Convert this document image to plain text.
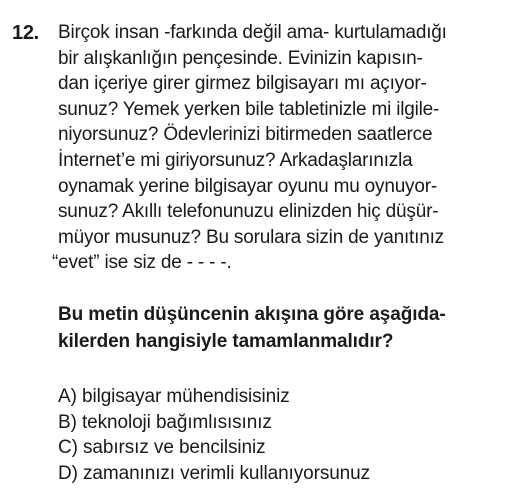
12. Birçok insan -farkında değil ama- kurtulamadığı
bir alışkanlığın pençesinde. Evinizin kapısın-
dan içeriye girer girmez bilgisayarı mı açıyor-
sunuz? Yemek yerken bile tabletinizle mi ilgile-
niyorsunuz? Ödevlerinizi bitirmeden saatlerce
İnternet’e mi giriyorsunuz? Arkadaşlarınızla
oynamak yerine bilgisayar oyunu mu oynuyor-
sunuz? Akıllı telefonunuzu elinizden hiç düşür-
müyor musunuz? Bu sorulara sizin de yanıtınız
“evet” ise siz de - - - -.
Bu metin düşüncenin akışına göre aşağıda-
kilerden hangisiyle tamamlanmalıdır?
A) bilgisayar mühendisisiniz
B) teknoloji bağımlısısınız
C) sabırsız ve bencilsiniz
D) zamanınızı verimli kullanıyorsunuz
